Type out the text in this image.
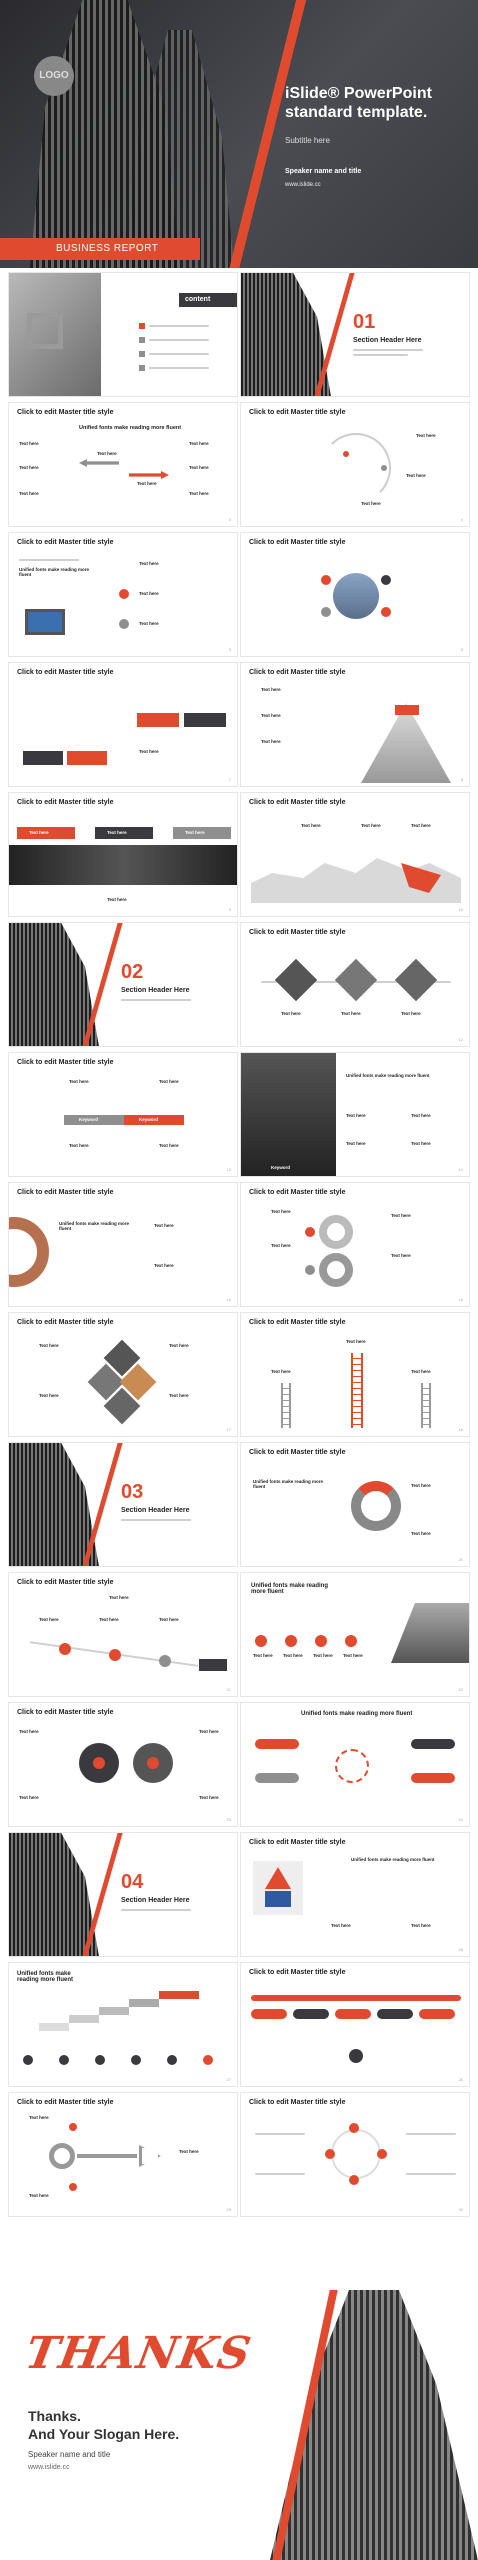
LOGO
iSlide® PowerPoint
standard template.
Subtitle here
Speaker name and title
www.islide.cc
BUSINESS REPORT
content
01
Section Header Here
Click to edit Master title style
Unified fonts make reading more fluent
Text here
Text here
Text here
Text here
Text here
Text here
Text here
Text here
3
Click to edit Master title style
Text here
Text here
Text here
4
Click to edit Master title style
Unified fonts make reading more fluent
Text here
Text here
Text here
5
Click to edit Master title style
6
Click to edit Master title style
Text here
7
Click to edit Master title style
Text here
Text here
Text here
8
Click to edit Master title style
Text here	Text here	Text here
Text here
9
Click to edit Master title style
Text here	Text here	Text here
10
02
Section Header Here
Click to edit Master title style
Text here	Text here	Text here
12
Click to edit Master title style
Keyword	Keyword
Text here	Text here
Text here	Text here
13	Keyword
Unified fonts make reading more fluent
Text here	Text here
Text here	Text here
14
Click to edit Master title style
Unified fonts make reading more fluent
Text here
Text here
15
Click to edit Master title style
Text here
Text here
Text here
Text here
16
Click to edit Master title style
Text here
Text here
Text here
Text here
17
Click to edit Master title style
Text here
Text here
Text here
18
03
Section Header Here
Click to edit Master title style
Unified fonts make reading more fluent	Text here
Text here
20
Click to edit Master title style
Text here
Text here	Text here	Text here
21
Unified fonts make reading more fluent
Text here Text here Text here Text here
22
Click to edit Master title style
Text here	Text here
Text here	Text here
23
Unified fonts make reading more fluent
24
04
Section Header Here
Click to edit Master title style
Unified fonts make reading more fluent
Text here	Text here
26
Unified fonts make reading more fluent
27
Click to edit Master title style
28
Click to edit Master title style
Text here
Text here
Text here
29
Click to edit Master title style
30
THANKS
Thanks.
And Your Slogan Here.
Speaker name and title
www.islide.cc
